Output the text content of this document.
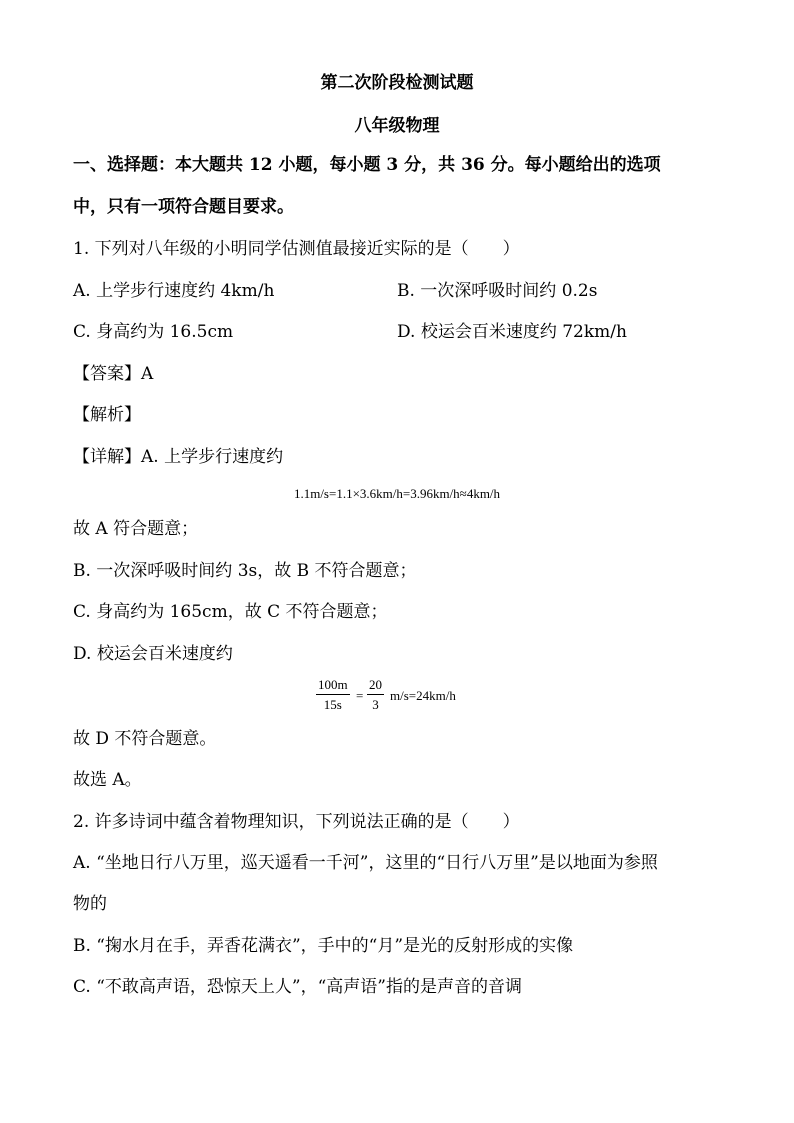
第二次阶段检测试题
八年级物理
一、选择题：本大题共 12 小题，每小题 3 分，共 36 分。每小题给出的选项
中，只有一项符合题目要求。
1. 下列对八年级的小明同学估测值最接近实际的是（　　）
A. 上学步行速度约 4km/h	B. 一次深呼吸时间约 0.2s
C. 身高约为 16.5cm	D. 校运会百米速度约 72km/h
【答案】A
【解析】
【详解】A. 上学步行速度约
1.1m/s=1.1×3.6km/h=3.96km/h≈4km/h
故 A 符合题意；
B. 一次深呼吸时间约 3s，故 B 不符合题意；
C. 身高约为 165cm，故 C 不符合题意；
D. 校运会百米速度约
$\frac{100m}{15s} = \frac{20}{3} m/s=24km/h$
故 D 不符合题意。
故选 A。
2. 许多诗词中蕴含着物理知识，下列说法正确的是（　　）
A. “坐地日行八万里，巡天遥看一千河”，这里的“日行八万里”是以地面为参照
物的
B. “掬水月在手，弄香花满衣”，手中的“月”是光的反射形成的实像
C. “不敢高声语，恐惊天上人”，“高声语”指的是声音的音调
